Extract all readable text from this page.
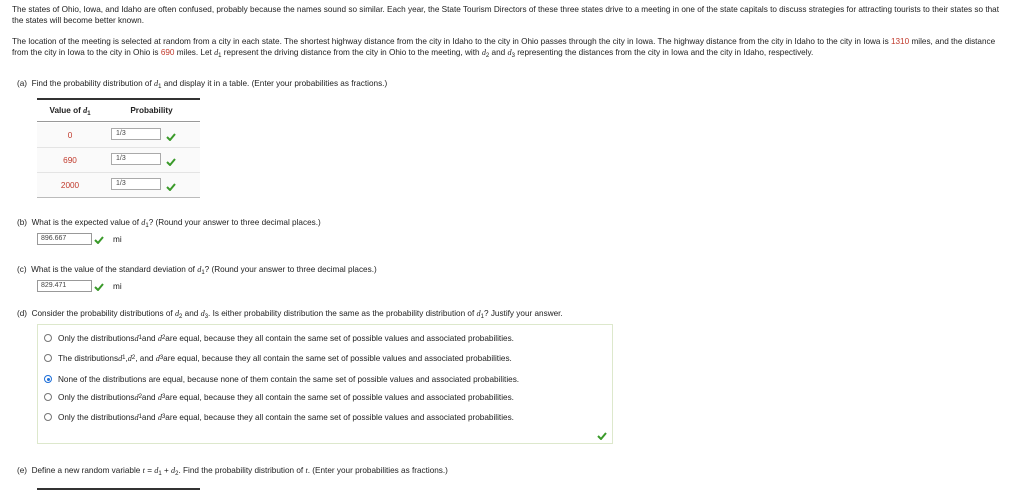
The states of Ohio, Iowa, and Idaho are often confused, probably because the names sound so similar. Each year, the State Tourism Directors of these three states drive to a meeting in one of the state capitals to discuss strategies for attracting tourists to their states so that the states will become better known.

The location of the meeting is selected at random from a city in each state. The shortest highway distance from the city in Idaho to the city in Ohio passes through the city in Iowa. The highway distance from the city in Idaho to the city in Iowa is 1310 miles, and the distance from the city in Iowa to the city in Ohio is 690 miles. Let $d_1$ represent the driving distance from the city in Ohio to the meeting, with $d_2$ and $d_3$ representing the distances from the city in Iowa and the city in Idaho, respectively.

(a) Find the probability distribution of $d_1$ and display it in a table. (Enter your probabilities as fractions.)
Value of $d_1$	Probability
0	1/3
690	1/3
2000	1/3
(b) What is the expected value of $d_1$? (Round your answer to three decimal places.)
896.667	mi
(c) What is the value of the standard deviation of $d_1$? (Round your answer to three decimal places.)
829.471	mi
(d) Consider the probability distributions of $d_2$ and $d_3$. Is either probability distribution the same as the probability distribution of $d_1$? Justify your answer.
Only the distributions d 1 and
d 2 are equal, because they all contain the same set of possible values and associated probabilities.
The distributions d 1 , d 2 , and
d 3 are equal, because they all contain the same set of possible values and associated probabilities.
None of the distributions are equal, because none of them contain the same set of possible values and associated probabilities.
Only the distributions d 2 and
d 3 are equal, because they all contain the same set of possible values and associated probabilities.
Only the distributions d 1 and
d 3 are equal, because they all contain the same set of possible values and associated probabilities.
(e) Define a new random variable $t = d_1 + d_2$. Find the probability distribution of t. (Enter your probabilities as fractions.)
